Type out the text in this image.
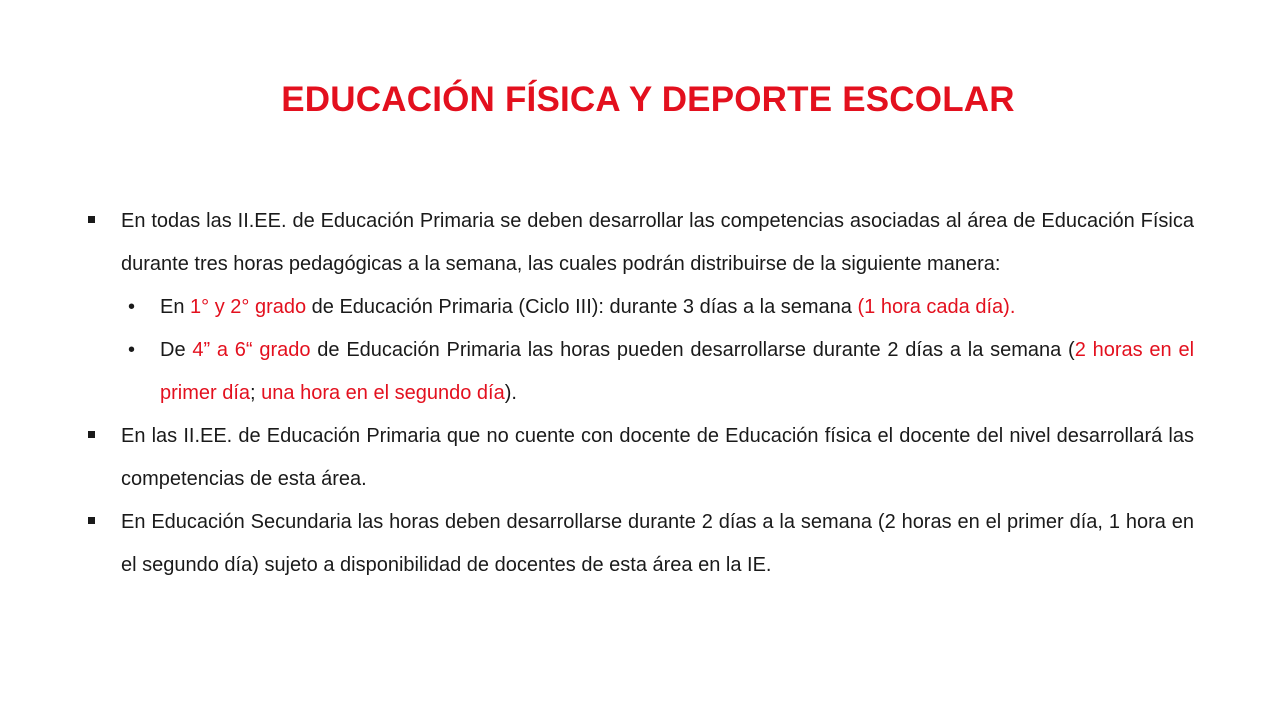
EDUCACIÓN FÍSICA Y DEPORTE ESCOLAR
En todas las II.EE. de Educación Primaria se deben desarrollar las competencias asociadas al área de Educación Física durante tres horas pedagógicas a la semana, las cuales podrán distribuirse de la siguiente manera:
• En 1° y 2° grado de Educación Primaria (Ciclo III): durante 3 días a la semana (1 hora cada día).
• De 4” a 6“ grado de Educación Primaria las horas pueden desarrollarse durante 2 días a la semana (2 horas en el primer día; una hora en el segundo día).
En las II.EE. de Educación Primaria que no cuente con docente de Educación física el docente del nivel desarrollará las competencias de esta área.
En Educación Secundaria las horas deben desarrollarse durante 2 días a la semana (2 horas en el primer día, 1 hora en el segundo día) sujeto a disponibilidad de docentes de esta área en la IE.
